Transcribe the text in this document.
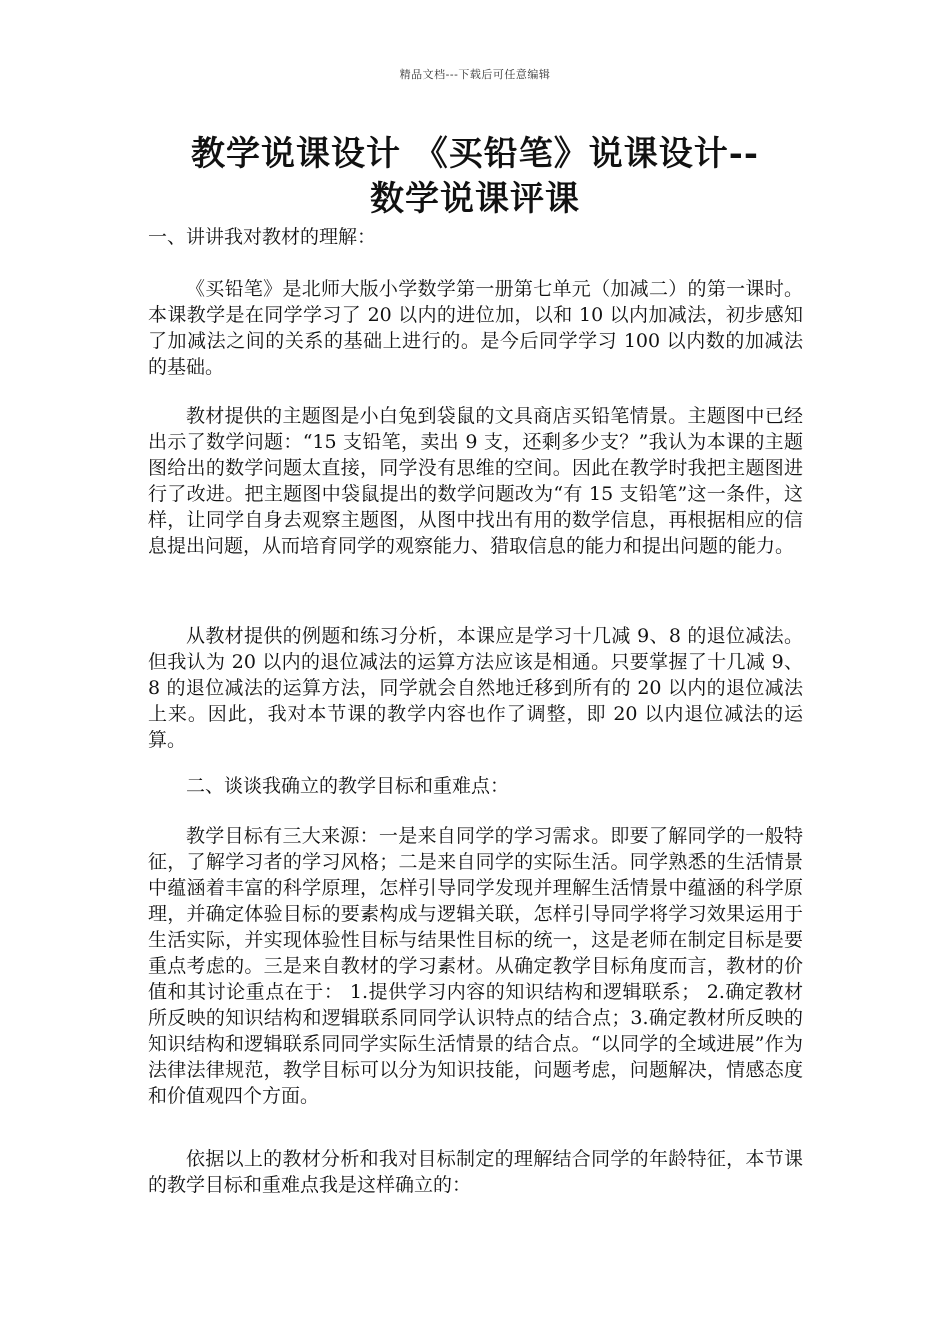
精品文档---下载后可任意编辑
教学说课设计 《买铅笔》说课设计--
数学说课评课
一、讲讲我对教材的理解：
《买铅笔》是北师大版小学数学第一册第七单元（加减二）的第一课时。本课教学是在同学学习了 20 以内的进位加，以和 10 以内加减法，初步感知了加减法之间的关系的基础上进行的。是今后同学学习 100 以内数的加减法的基础。
教材提供的主题图是小白兔到袋鼠的文具商店买铅笔情景。主题图中已经出示了数学问题：“15 支铅笔，卖出 9 支，还剩多少支？”我认为本课的主题图给出的数学问题太直接，同学没有思维的空间。因此在教学时我把主题图进行了改进。把主题图中袋鼠提出的数学问题改为“有 15 支铅笔”这一条件，这样，让同学自身去观察主题图，从图中找出有用的数学信息，再根据相应的信息提出问题，从而培育同学的观察能力、猎取信息的能力和提出问题的能力。
从教材提供的例题和练习分析，本课应是学习十几减 9、8 的退位减法。但我认为 20 以内的退位减法的运算方法应该是相通。只要掌握了十几减 9、8 的退位减法的运算方法，同学就会自然地迁移到所有的 20 以内的退位减法上来。因此，我对本节课的教学内容也作了调整，即 20 以内退位减法的运算。
二、谈谈我确立的教学目标和重难点：
教学目标有三大来源：一是来自同学的学习需求。即要了解同学的一般特征，了解学习者的学习风格；二是来自同学的实际生活。同学熟悉的生活情景中蕴涵着丰富的科学原理，怎样引导同学发现并理解生活情景中蕴涵的科学原理，并确定体验目标的要素构成与逻辑关联，怎样引导同学将学习效果运用于生活实际，并实现体验性目标与结果性目标的统一，这是老师在制定目标是要重点考虑的。三是来自教材的学习素材。从确定教学目标角度而言，教材的价值和其讨论重点在于： 1.提供学习内容的知识结构和逻辑联系； 2.确定教材所反映的知识结构和逻辑联系同同学认识特点的结合点；3.确定教材所反映的知识结构和逻辑联系同同学实际生活情景的结合点。“以同学的全域进展”作为法律法律规范，教学目标可以分为知识技能，问题考虑，问题解决，情感态度和价值观四个方面。
依据以上的教材分析和我对目标制定的理解结合同学的年龄特征，本节课的教学目标和重难点我是这样确立的：
